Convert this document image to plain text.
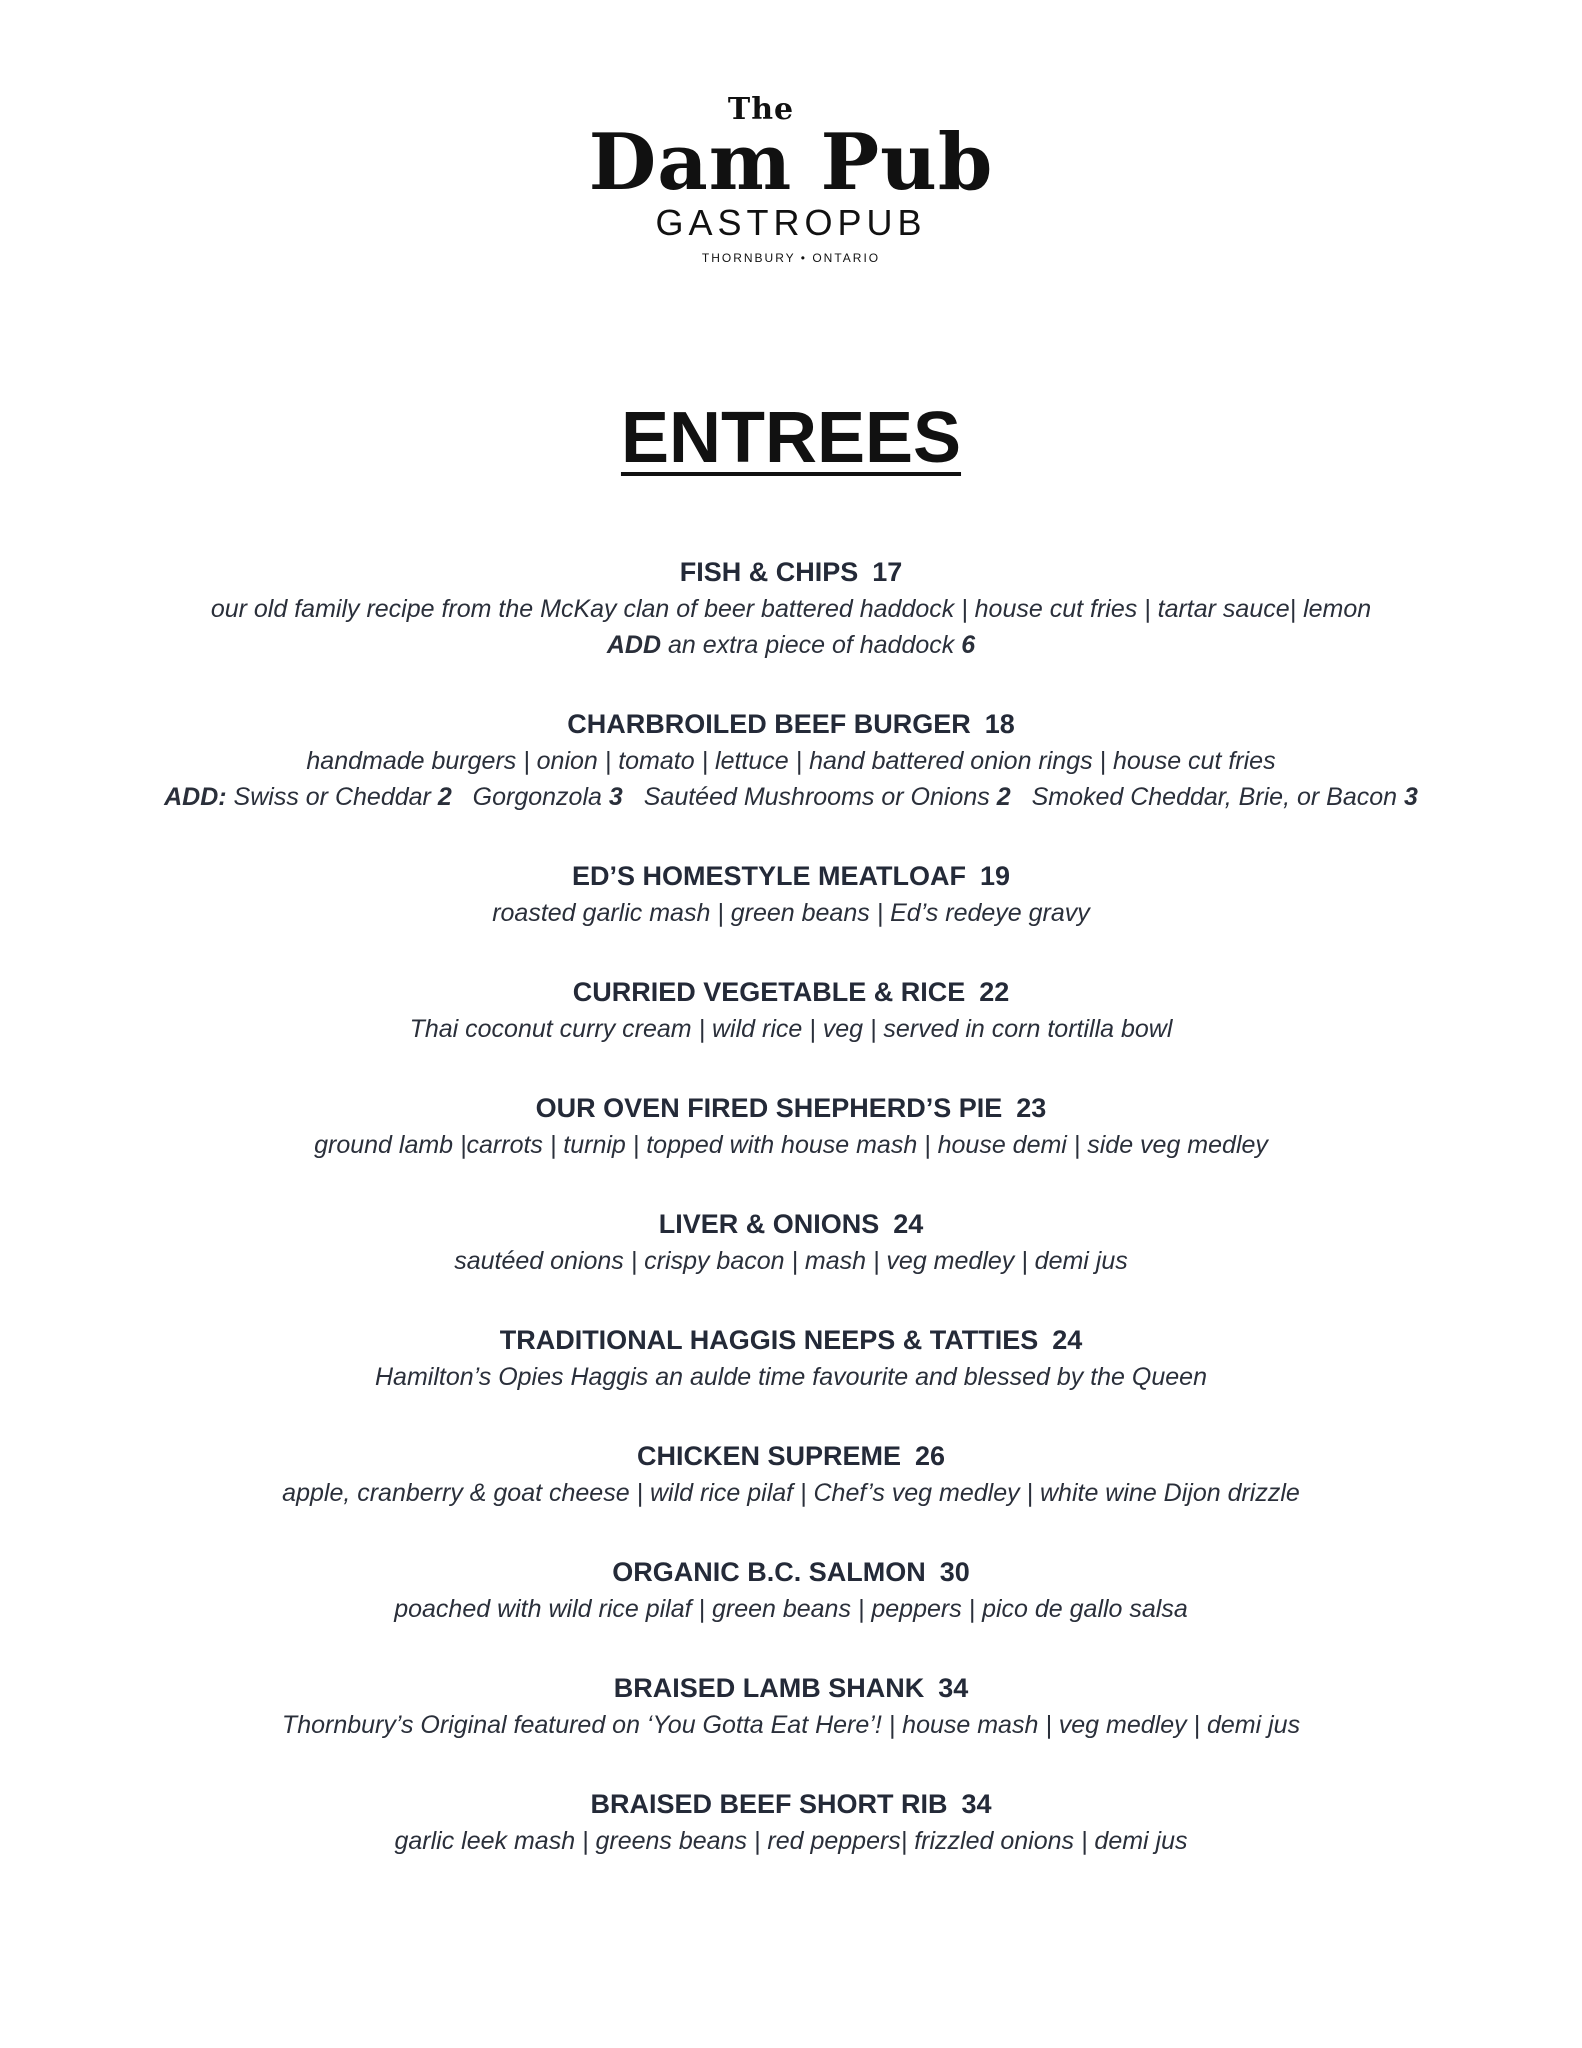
The
Dam Pub
GASTROPUB
THORNBURY • ONTARIO
ENTREES
FISH & CHIPS 17
our old family recipe from the McKay clan of beer battered haddock | house cut fries | tartar sauce| lemon
ADD an extra piece of haddock 6
CHARBROILED BEEF BURGER 18
handmade burgers | onion | tomato | lettuce | hand battered onion rings | house cut fries
ADD: Swiss or Cheddar 2 Gorgonzola 3 Sautéed Mushrooms or Onions 2 Smoked Cheddar, Brie, or Bacon 3
ED’S HOMESTYLE MEATLOAF 19
roasted garlic mash | green beans | Ed’s redeye gravy
CURRIED VEGETABLE & RICE 22
Thai coconut curry cream | wild rice | veg | served in corn tortilla bowl
OUR OVEN FIRED SHEPHERD’S PIE 23
ground lamb |carrots | turnip | topped with house mash | house demi | side veg medley
LIVER & ONIONS 24
sautéed onions | crispy bacon | mash | veg medley | demi jus
TRADITIONAL HAGGIS NEEPS & TATTIES 24
Hamilton’s Opies Haggis an aulde time favourite and blessed by the Queen
CHICKEN SUPREME 26
apple, cranberry & goat cheese | wild rice pilaf | Chef’s veg medley | white wine Dijon drizzle
ORGANIC B.C. SALMON 30
poached with wild rice pilaf | green beans | peppers | pico de gallo salsa
BRAISED LAMB SHANK 34
Thornbury’s Original featured on ‘You Gotta Eat Here’! | house mash | veg medley | demi jus
BRAISED BEEF SHORT RIB 34
garlic leek mash | greens beans | red peppers| frizzled onions | demi jus
